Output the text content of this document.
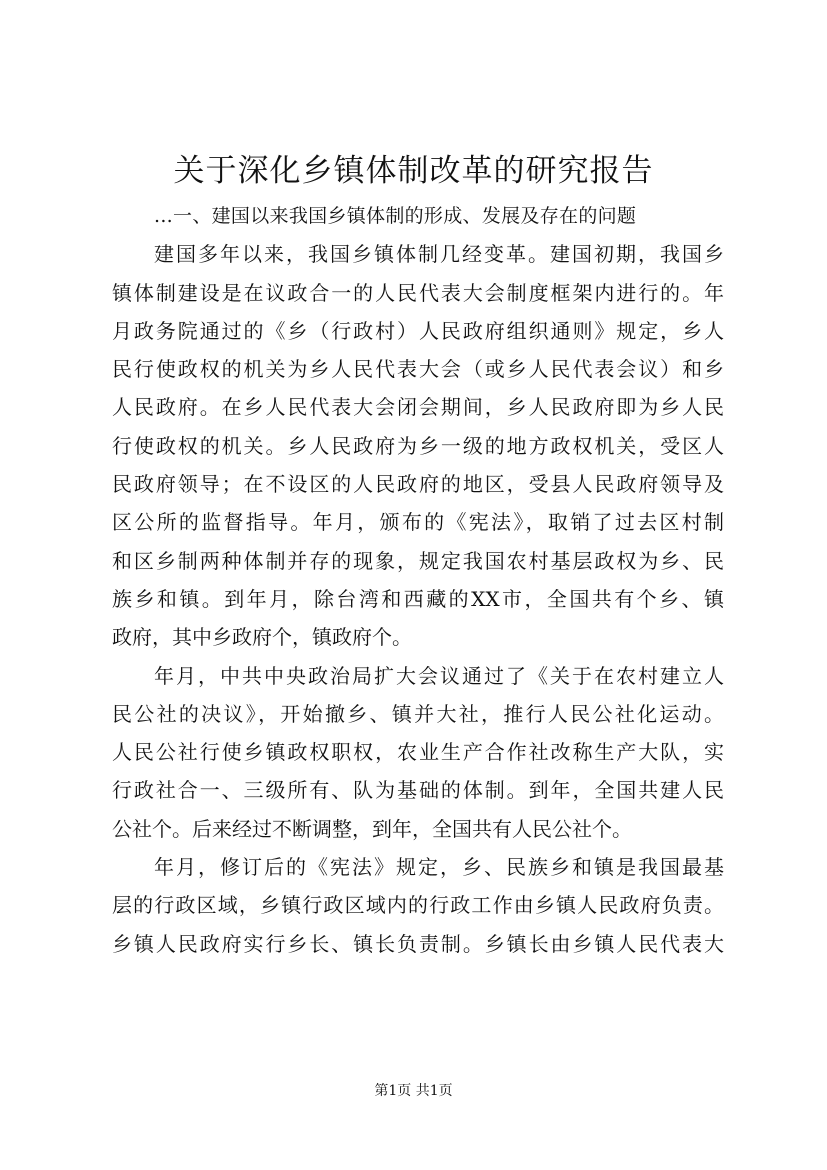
关于深化乡镇体制改革的研究报告
...一、建国以来我国乡镇体制的形成、发展及存在的问题
建国多年以来，我国乡镇体制几经变革。建国初期，我国乡
镇体制建设是在议政合一的人民代表大会制度框架内进行的。年
月政务院通过的《乡（行政村）人民政府组织通则》规定，乡人
民行使政权的机关为乡人民代表大会（或乡人民代表会议）和乡
人民政府。在乡人民代表大会闭会期间，乡人民政府即为乡人民
行使政权的机关。乡人民政府为乡一级的地方政权机关，受区人
民政府领导；在不设区的人民政府的地区，受县人民政府领导及
区公所的监督指导。年月，颁布的《宪法》，取销了过去区村制
和区乡制两种体制并存的现象，规定我国农村基层政权为乡、民
族乡和镇。到年月，除台湾和西藏的XX市，全国共有个乡、镇
政府，其中乡政府个，镇政府个。
年月，中共中央政治局扩大会议通过了《关于在农村建立人
民公社的决议》，开始撤乡、镇并大社，推行人民公社化运动。
人民公社行使乡镇政权职权，农业生产合作社改称生产大队，实
行政社合一、三级所有、队为基础的体制。到年，全国共建人民
公社个。后来经过不断调整，到年，全国共有人民公社个。
年月，修订后的《宪法》规定，乡、民族乡和镇是我国最基
层的行政区域，乡镇行政区域内的行政工作由乡镇人民政府负责。
乡镇人民政府实行乡长、镇长负责制。乡镇长由乡镇人民代表大
第1页 共1页
